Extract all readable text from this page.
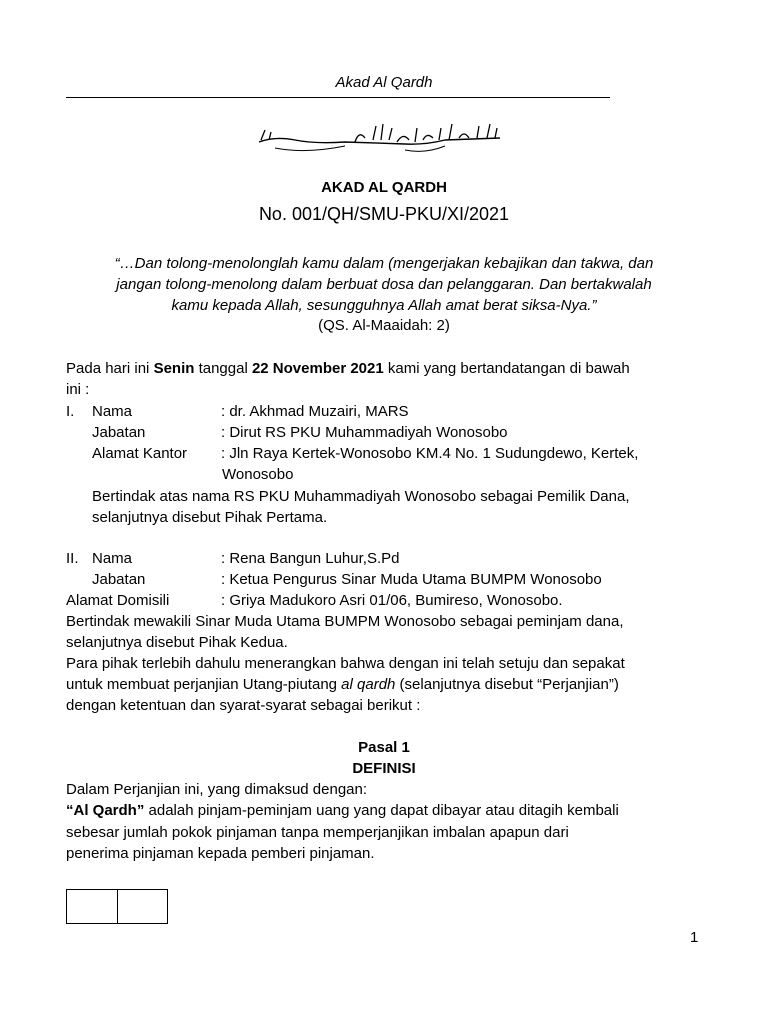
Akad Al Qardh
AKAD AL QARDH
No. 001/QH/SMU-PKU/XI/2021
“…Dan tolong-menolonglah kamu dalam (mengerjakan kebajikan dan takwa, dan
jangan tolong-menolong dalam berbuat dosa dan pelanggaran. Dan bertakwalah
kamu kepada Allah, sesungguhnya Allah amat berat siksa-Nya.”
(QS. Al-Maaidah: 2)
Pada hari ini Senin tanggal 22 November 2021 kami yang bertandatangan di bawah
ini :
I. Nama	: dr. Akhmad Muzairi, MARS
Jabatan	: Dirut RS PKU Muhammadiyah Wonosobo
Alamat Kantor : Jln Raya Kertek-Wonosobo KM.4 No. 1 Sudungdewo, Kertek,
Wonosobo
Bertindak atas nama RS PKU Muhammadiyah Wonosobo sebagai Pemilik Dana,
selanjutnya disebut Pihak Pertama.
II. Nama	: Rena Bangun Luhur,S.Pd
Jabatan	: Ketua Pengurus Sinar Muda Utama BUMPM Wonosobo
Alamat Domisili	: Griya Madukoro Asri 01/06, Bumireso, Wonosobo.
Bertindak mewakili Sinar Muda Utama BUMPM Wonosobo sebagai peminjam dana,
selanjutnya disebut Pihak Kedua.
Para pihak terlebih dahulu menerangkan bahwa dengan ini telah setuju dan sepakat
untuk membuat perjanjian Utang-piutang al qardh (selanjutnya disebut “Perjanjian”)
dengan ketentuan dan syarat-syarat sebagai berikut :
Pasal 1
DEFINISI
Dalam Perjanjian ini, yang dimaksud dengan:
“Al Qardh” adalah pinjam-peminjam uang yang dapat dibayar atau ditagih kembali
sebesar jumlah pokok pinjaman tanpa memperjanjikan imbalan apapun dari
penerima pinjaman kepada pemberi pinjaman.
1
